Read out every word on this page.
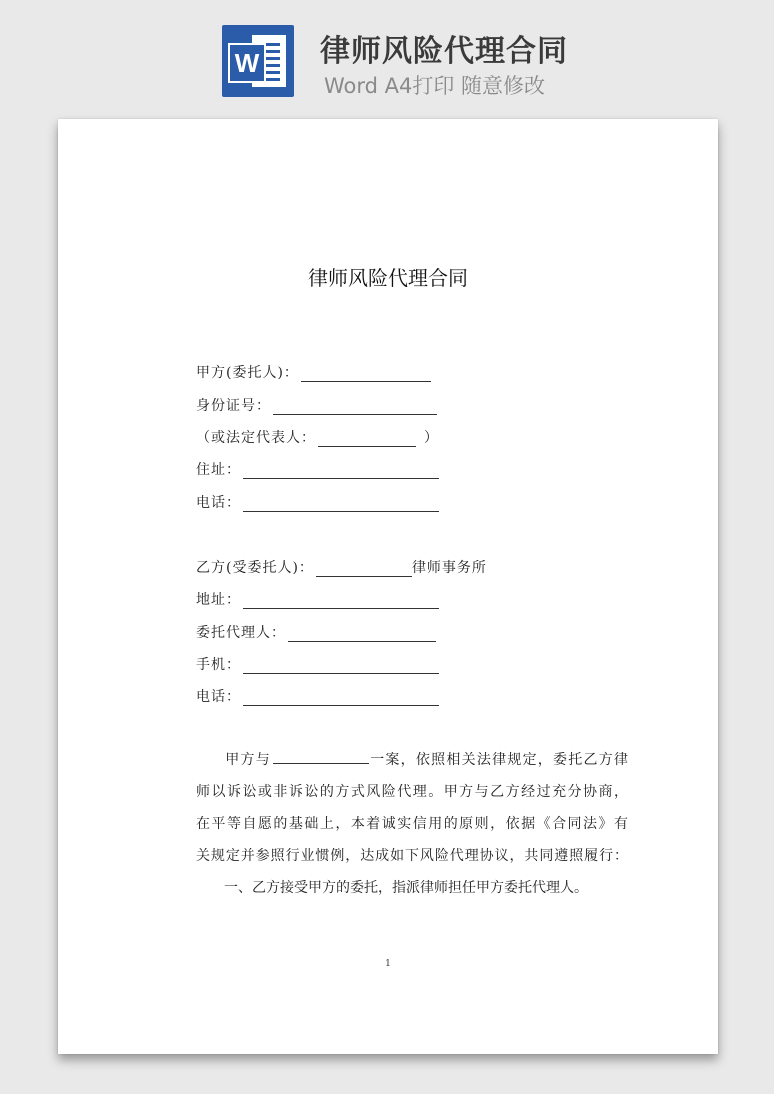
W 律师风险代理合同
Word A4打印 随意修改
律师风险代理合同
甲方(委托人)：
身份证号：
（或法定代表人：	）
住址：
电话：
乙方(受委托人)：	律师事务所
地址：
委托代理人：
手机：
电话：
甲方与	一案，依照相关法律规定，委托乙方律
师以诉讼或非诉讼的方式风险代理。甲方与乙方经过充分协商，
在平等自愿的基础上，本着诚实信用的原则，依据《合同法》有
关规定并参照行业惯例，达成如下风险代理协议，共同遵照履行：
一、乙方接受甲方的委托，指派律师担任甲方委托代理人。
1
